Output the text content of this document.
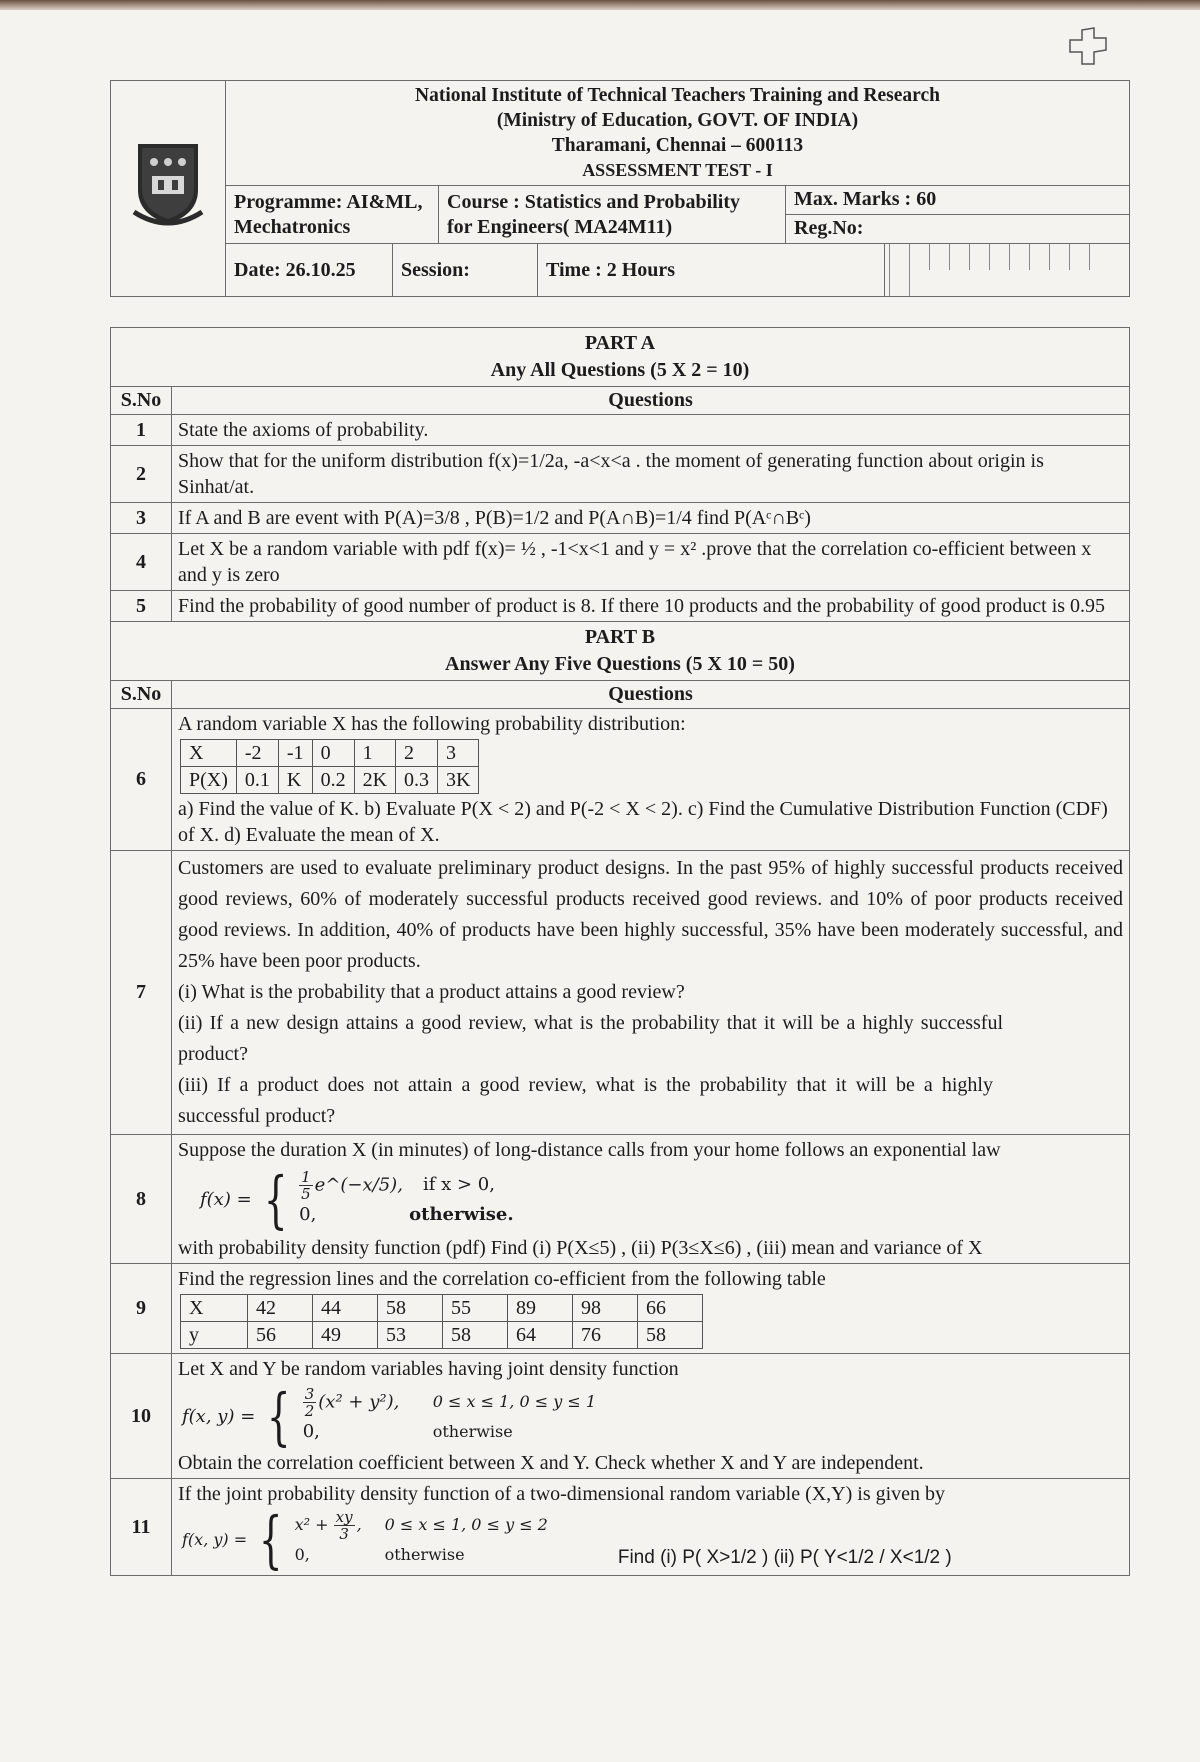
National Institute of Technical Teachers Training and Research
(Ministry of Education, GOVT. OF INDIA)
Tharamani, Chennai – 600113
ASSESSMENT TEST - I

Programme: AI&ML,
Mechatronics

Course : Statistics and Probability
for Engineers( MA24M11)

Max. Marks : 60
Reg.No:

Date: 26.10.25	Session:	Time : 2 Hours	
PART A
Any All Questions (5 X 2 = 10)

S.No	Questions
1	State the axioms of probability.
2	Show that for the uniform distribution f(x)=1/2a, -a<x<a . the moment of generating function about origin is Sinhat/at.
3	If A and B are event with P(A)=3/8 , P(B)=1/2 and P(A∩B)=1/4 find P(Aᶜ∩Bᶜ)
4	Let X be a random variable with pdf f(x)= ½ , -1<x<1 and y = x² .prove that the correlation co-efficient between x and y is zero
5	Find the probability of good number of product is 8. If there 10 products and the probability of good product is 0.95

PART B
Answer Any Five Questions (5 X 10 = 50)

S.No	Questions
6	
A random variable X has the following probability distribution:
X	-2	-1	0	1	2	3
P(X)	0.1	K	0.2	2K	0.3	3K
a) Find the value of K. b) Evaluate P(X < 2) and P(-2 < X < 2). c) Find the Cumulative Distribution Function (CDF) of X. d) Evaluate the mean of X.

7	
Customers are used to evaluate preliminary product designs. In the past 95% of highly successful products received good reviews, 60% of moderately successful products received good reviews. and 10% of poor products received good reviews. In addition, 40% of products have been highly successful, 35% have been moderately successful, and 25% have been poor products.
(i) What is the probability that a product attains a good review?
(ii) If a new design attains a good review, what is the probability that it will be a highly successful product?
(iii) If a product does not attain a good review, what is the probability that it will be a highly successful product?

8	
Suppose the duration X (in minutes) of long-distance calls from your home follows an exponential law
f(x) = { $\frac{1}{5}$ e^(−x/5), if x > 0,
0,	otherwise.
with probability density function (pdf) Find (i) P(X≤5) , (ii) P(3≤X≤6) , (iii) mean and variance of X

9	
Find the regression lines and the correlation co-efficient from the following table
X	42	44	58	55	89	98	66
y	56	49	53	58	64	76	58

10	
Let X and Y be random variables having joint density function
f(x, y) = { $\frac{3}{2} (x^2 + y^2)$,	0 ≤ x ≤ 1, 0 ≤ y ≤ 1
0,	otherwise
Obtain the correlation coefficient between X and Y. Check whether X and Y are independent.

11	
If the joint probability density function of a two-dimensional random variable (X,Y) is given by
f(x, y) = { $x^2 + \frac{xy}{3}$ , 0 ≤ x ≤ 1, 0 ≤ y ≤ 2
0,	otherwise	Find (i) P( X>1/2 ) (ii) P( Y<1/2 / X<1/2 )
